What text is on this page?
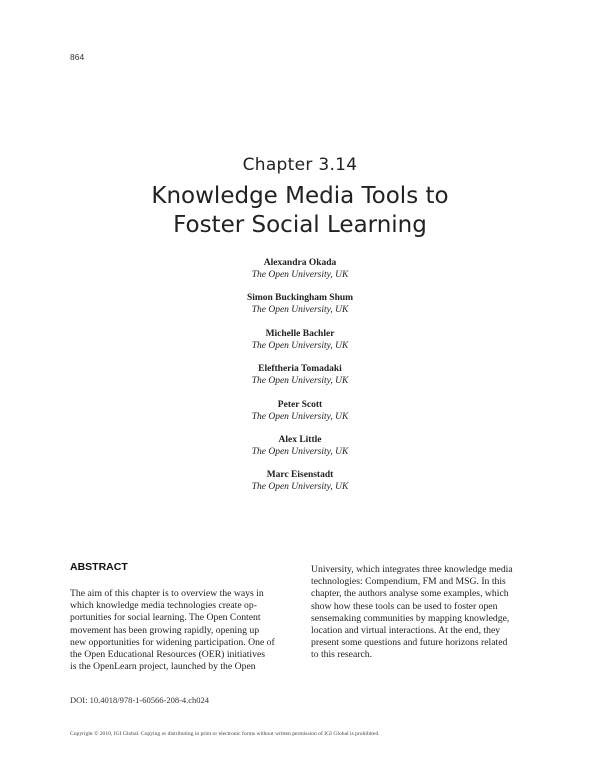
864
Chapter 3.14
Knowledge Media Tools to
Foster Social Learning
Alexandra Okada
The Open University, UK
Simon Buckingham Shum
The Open University, UK
Michelle Bachler
The Open University, UK
Eleftheria Tomadaki
The Open University, UK
Peter Scott
The Open University, UK
Alex Little
The Open University, UK
Marc Eisenstadt
The Open University, UK
ABSTRACT
The aim of this chapter is to overview the ways in
which knowledge media technologies create op-
portunities for social learning. The Open Content
movement has been growing rapidly, opening up
new opportunities for widening participation. One of
the Open Educational Resources (OER) initiatives
is the OpenLearn project, launched by the Open
University, which integrates three knowledge media
technologies: Compendium, FM and MSG. In this
chapter, the authors analyse some examples, which
show how these tools can be used to foster open
sensemaking communities by mapping knowledge,
location and virtual interactions. At the end, they
present some questions and future horizons related
to this research.
DOI: 10.4018/978-1-60566-208-4.ch024
Copyright © 2010, IGI Global. Copying or distributing in print or electronic forms without written permission of IGI Global is prohibited.
